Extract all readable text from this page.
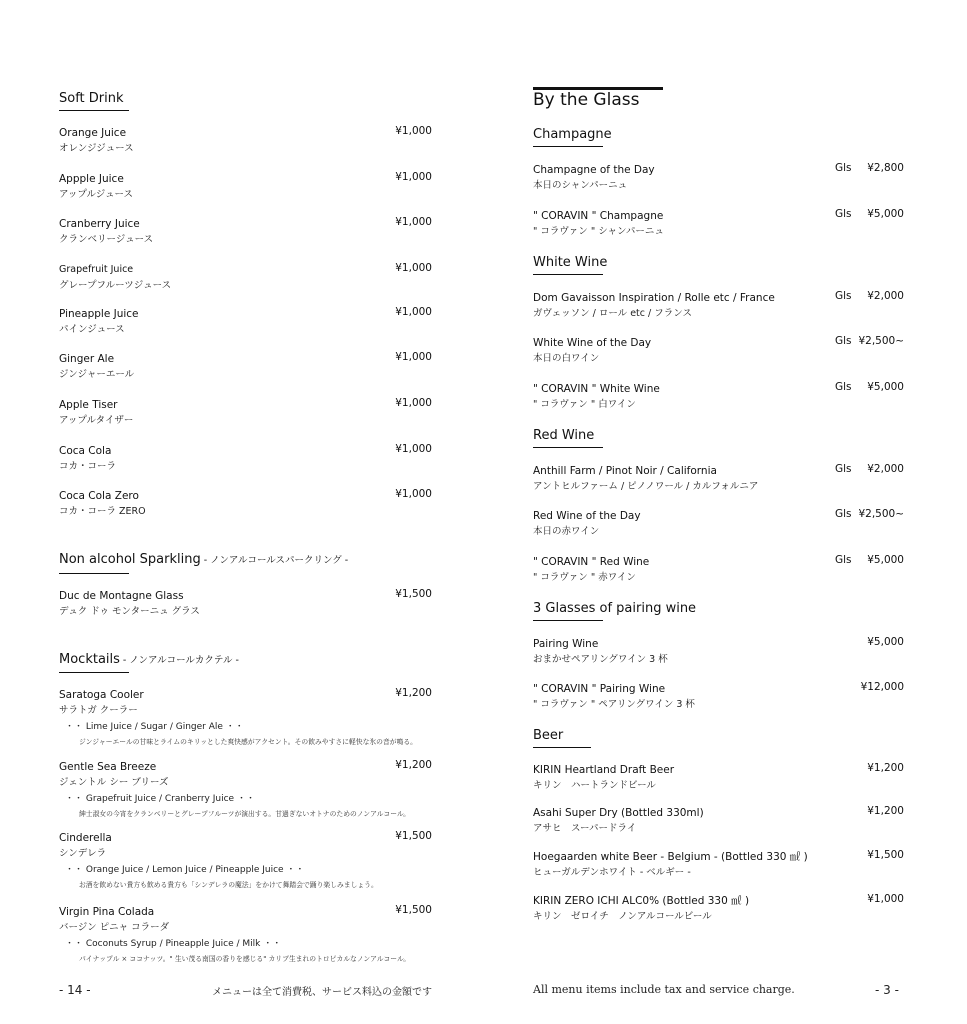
Soft Drink
Orange Juice
オレンジジュース
¥1,000
Appple Juice
アップルジュース
¥1,000
Cranberry Juice
クランベリージュース
¥1,000
Grapefruit Juice
グレープフルーツジュース
¥1,000
Pineapple Juice
パインジュース
¥1,000
Ginger Ale
ジンジャーエール
¥1,000
Apple Tiser
アップルタイザー
¥1,000
Coca Cola
コカ・コーラ
¥1,000
Coca Cola Zero
コカ・コーラ ZERO
¥1,000
Non alcohol Sparkling - ノンアルコールスパークリング -
Duc de Montagne Glass
デュク ドゥ モンターニュ グラス
¥1,500
Mocktails - ノンアルコールカクテル -
Saratoga Cooler
サラトガ クーラー
・・ Lime Juice / Sugar / Ginger Ale ・・
ジンジャーエールの甘味とライムのキリッとした爽快感がアクセント。その飲みやすさに軽快な氷の音が鳴る。
¥1,200
Gentle Sea Breeze
ジェントル シー ブリーズ
・・ Grapefruit Juice / Cranberry Juice ・・
紳士淑女の今宵をクランベリーとグレープフルーツが演出する。甘過ぎないオトナのためのノンアルコール。
¥1,200
Cinderella
シンデレラ
・・ Orange Juice / Lemon Juice / Pineapple Juice ・・
お酒を飲めない貴方も飲める貴方も「シンデレラの魔法」をかけて舞踏会で踊り楽しみましょう。
¥1,500
Virgin Pina Colada
バージン ピニャ コラーダ
・・ Coconuts Syrup / Pineapple Juice / Milk ・・
パイナップル × ココナッツ。" 生い茂る南国の香りを感じる" カリブ生まれのトロピカルなノンアルコール。
¥1,500
- 14 -	メニューは全て消費税、サービス料込の金額です
By the Glass
Champagne
Champagne of the Day
本日のシャンパーニュ
Gls	¥2,800
" CORAVIN " Champagne
" コラヴァン " シャンパーニュ
Gls	¥5,000
White Wine
Dom Gavaisson Inspiration / Rolle etc / France
ガヴェッソン / ロール etc / フランス
Gls	¥2,000
White Wine of the Day
本日の白ワイン
Gls ¥2,500~
" CORAVIN " White Wine
" コラヴァン " 白ワイン
Gls	¥5,000
Red Wine
Anthill Farm / Pinot Noir / California
アントヒルファーム / ピノノワール / カルフォルニア
Gls	¥2,000
Red Wine of the Day
本日の赤ワイン
Gls ¥2,500~
" CORAVIN " Red Wine
" コラヴァン " 赤ワイン
Gls	¥5,000
3 Glasses of pairing wine
Pairing Wine
おまかせペアリングワイン 3 杯
¥5,000
" CORAVIN " Pairing Wine
" コラヴァン " ペアリングワイン 3 杯
¥12,000
Beer
KIRIN Heartland Draft Beer
キリン　ハートランドビール
¥1,200
Asahi Super Dry (Bottled 330ml)
アサヒ　スーパードライ
¥1,200
Hoegaarden white Beer - Belgium - (Bottled 330 ㎖ )
ヒューガルデンホワイト - ベルギー -
¥1,500
KIRIN ZERO ICHI ALC0% (Bottled 330 ㎖ )
キリン　ゼロイチ　ノンアルコールビール
¥1,000
All menu items include tax and service charge.	- 3 -
